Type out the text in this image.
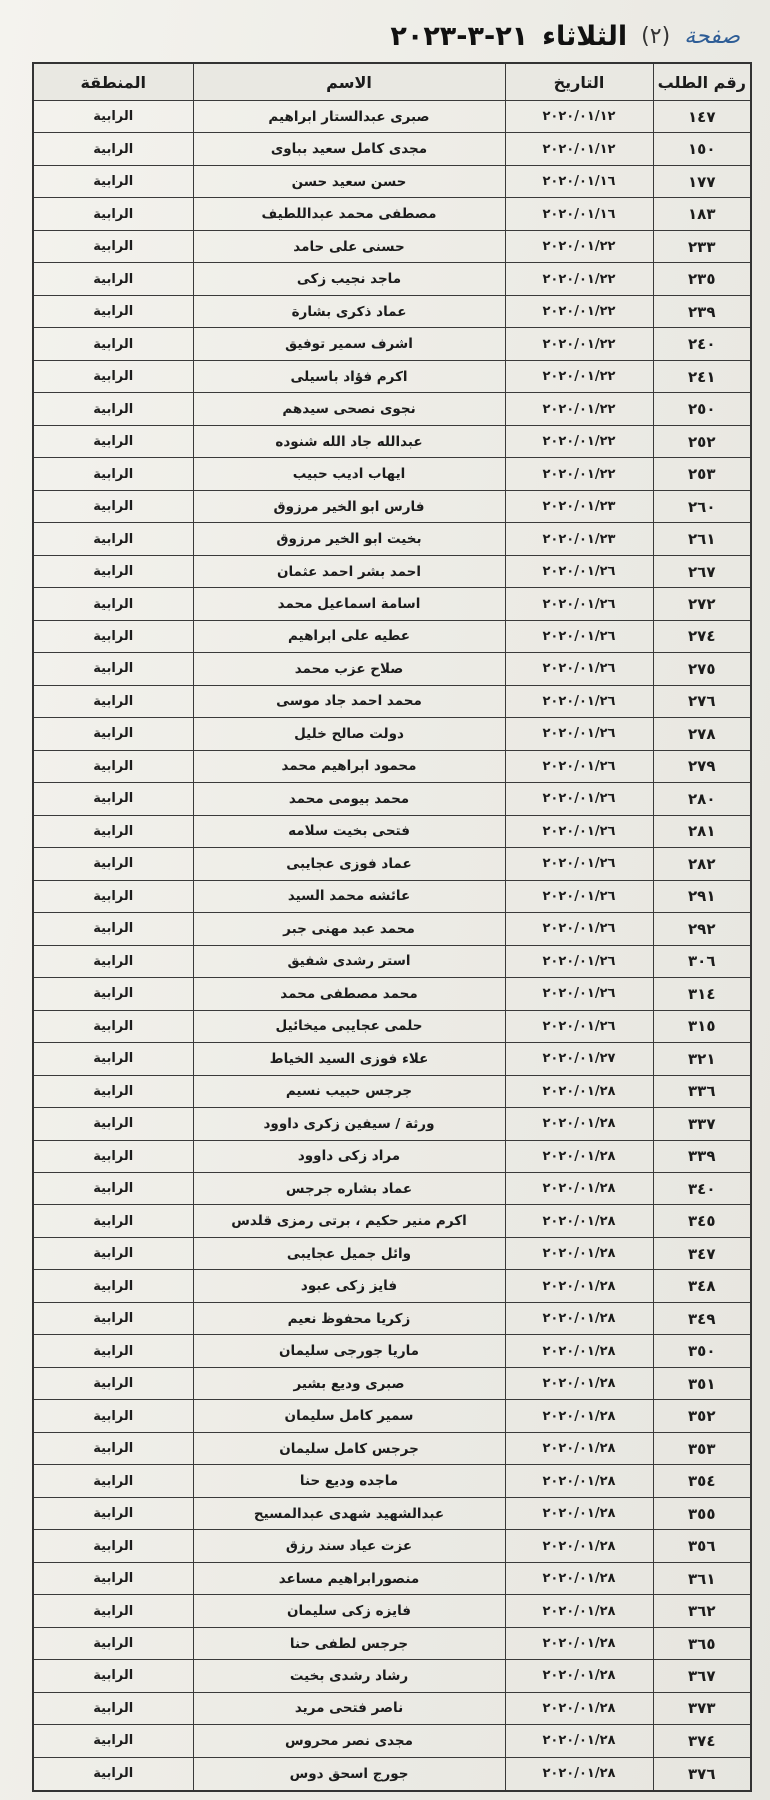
صفحة
(٢)
الثلاثاء
٢١-٣-٢٠٢٣
رقم الطلب	التاريخ	الاسم	المنطقة
١٤٧	٢٠٢٠/٠١/١٢	صبرى عبدالستار ابراهيم	الرابية
١٥٠	٢٠٢٠/٠١/١٢	مجدى كامل سعيد بباوى	الرابية
١٧٧	٢٠٢٠/٠١/١٦	حسن سعيد حسن	الرابية
١٨٣	٢٠٢٠/٠١/١٦	مصطفى محمد عبداللطيف	الرابية
٢٣٣	٢٠٢٠/٠١/٢٢	حسنى على حامد	الرابية
٢٣٥	٢٠٢٠/٠١/٢٢	ماجد نجيب زكى	الرابية
٢٣٩	٢٠٢٠/٠١/٢٢	عماد ذكرى بشارة	الرابية
٢٤٠	٢٠٢٠/٠١/٢٢	اشرف سمير توفيق	الرابية
٢٤١	٢٠٢٠/٠١/٢٢	اكرم فؤاد باسيلى	الرابية
٢٥٠	٢٠٢٠/٠١/٢٢	نجوى نصحى سيدهم	الرابية
٢٥٢	٢٠٢٠/٠١/٢٢	عبدالله جاد الله شنوده	الرابية
٢٥٣	٢٠٢٠/٠١/٢٢	ايهاب اديب حبيب	الرابية
٢٦٠	٢٠٢٠/٠١/٢٣	فارس ابو الخير مرزوق	الرابية
٢٦١	٢٠٢٠/٠١/٢٣	بخيت ابو الخير مرزوق	الرابية
٢٦٧	٢٠٢٠/٠١/٢٦	احمد بشر احمد عثمان	الرابية
٢٧٢	٢٠٢٠/٠١/٢٦	اسامة اسماعيل محمد	الرابية
٢٧٤	٢٠٢٠/٠١/٢٦	عطيه على ابراهيم	الرابية
٢٧٥	٢٠٢٠/٠١/٢٦	صلاح عزب محمد	الرابية
٢٧٦	٢٠٢٠/٠١/٢٦	محمد احمد جاد موسى	الرابية
٢٧٨	٢٠٢٠/٠١/٢٦	دولت صالح خليل	الرابية
٢٧٩	٢٠٢٠/٠١/٢٦	محمود ابراهيم محمد	الرابية
٢٨٠	٢٠٢٠/٠١/٢٦	محمد بيومى محمد	الرابية
٢٨١	٢٠٢٠/٠١/٢٦	فتحى بخيت سلامه	الرابية
٢٨٢	٢٠٢٠/٠١/٢٦	عماد فوزى عجايبى	الرابية
٢٩١	٢٠٢٠/٠١/٢٦	عائشه محمد السيد	الرابية
٢٩٢	٢٠٢٠/٠١/٢٦	محمد عبد مهنى جبر	الرابية
٣٠٦	٢٠٢٠/٠١/٢٦	استر رشدى شفيق	الرابية
٣١٤	٢٠٢٠/٠١/٢٦	محمد مصطفى محمد	الرابية
٣١٥	٢٠٢٠/٠١/٢٦	حلمى عجايبى ميخائيل	الرابية
٣٢١	٢٠٢٠/٠١/٢٧	علاء فوزى السيد الخياط	الرابية
٣٣٦	٢٠٢٠/٠١/٢٨	جرجس حبيب نسيم	الرابية
٣٣٧	٢٠٢٠/٠١/٢٨	ورثة / سيفين زكرى داوود	الرابية
٣٣٩	٢٠٢٠/٠١/٢٨	مراد زكى داوود	الرابية
٣٤٠	٢٠٢٠/٠١/٢٨	عماد بشاره جرجس	الرابية
٣٤٥	٢٠٢٠/٠١/٢٨	اكرم منير حكيم ، برتى رمزى قلدس	الرابية
٣٤٧	٢٠٢٠/٠١/٢٨	وائل جميل عجايبى	الرابية
٣٤٨	٢٠٢٠/٠١/٢٨	فايز زكى عبود	الرابية
٣٤٩	٢٠٢٠/٠١/٢٨	زكريا محفوظ نعيم	الرابية
٣٥٠	٢٠٢٠/٠١/٢٨	ماريا جورجى سليمان	الرابية
٣٥١	٢٠٢٠/٠١/٢٨	صبرى وديع بشير	الرابية
٣٥٢	٢٠٢٠/٠١/٢٨	سمير كامل سليمان	الرابية
٣٥٣	٢٠٢٠/٠١/٢٨	جرجس كامل سليمان	الرابية
٣٥٤	٢٠٢٠/٠١/٢٨	ماجده وديع حنا	الرابية
٣٥٥	٢٠٢٠/٠١/٢٨	عبدالشهيد شهدى عبدالمسيح	الرابية
٣٥٦	٢٠٢٠/٠١/٢٨	عزت عياد سند رزق	الرابية
٣٦١	٢٠٢٠/٠١/٢٨	منصورابراهيم مساعد	الرابية
٣٦٢	٢٠٢٠/٠١/٢٨	فايزه زكى سليمان	الرابية
٣٦٥	٢٠٢٠/٠١/٢٨	جرجس لطفى حنا	الرابية
٣٦٧	٢٠٢٠/٠١/٢٨	رشاد رشدى بخيت	الرابية
٣٧٣	٢٠٢٠/٠١/٢٨	ناصر فتحى مريد	الرابية
٣٧٤	٢٠٢٠/٠١/٢٨	مجدى نصر محروس	الرابية
٣٧٦	٢٠٢٠/٠١/٢٨	جورج اسحق دوس	الرابية
